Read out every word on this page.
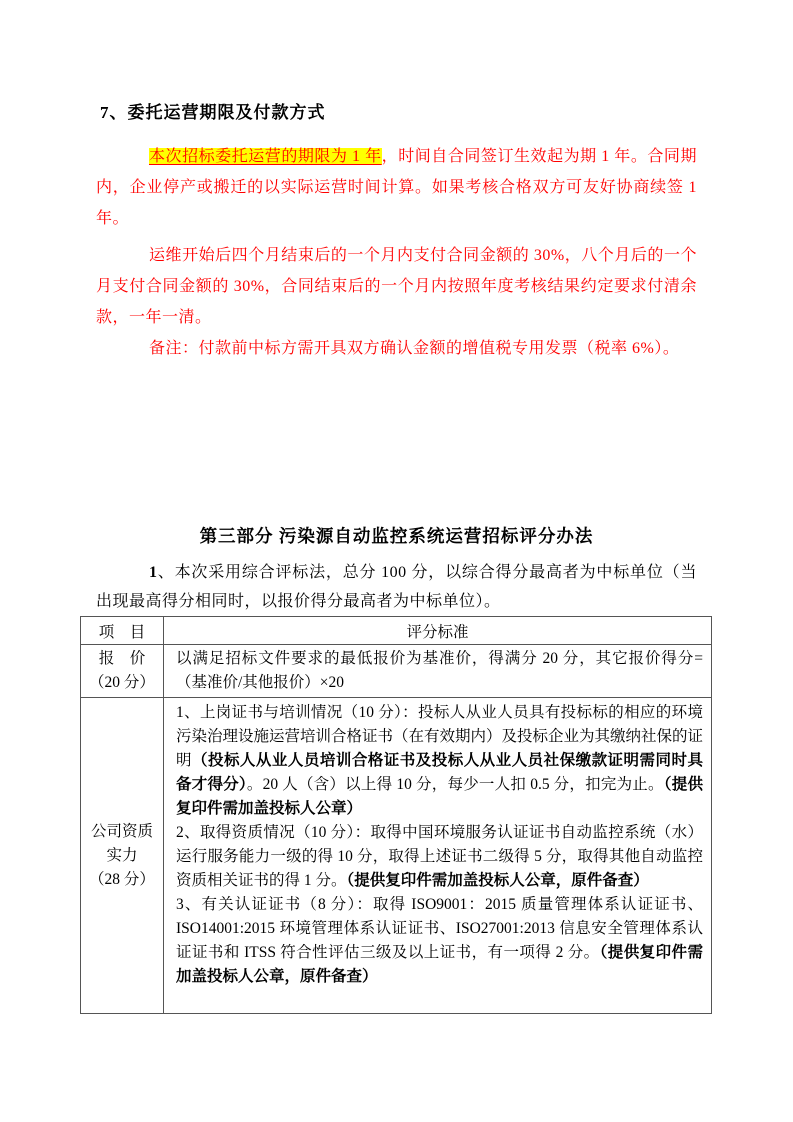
7、委托运营期限及付款方式

本次招标委托运营的期限为 1 年，时间自合同签订生效起为期 1 年。合同期内，企业停产或搬迁的以实际运营时间计算。如果考核合格双方可友好协商续签 1 年。

运维开始后四个月结束后的一个月内支付合同金额的 30%，八个月后的一个月支付合同金额的 30%，合同结束后的一个月内按照年度考核结果约定要求付清余款，一年一清。

备注：付款前中标方需开具双方确认金额的增值税专用发票（税率 6%）。

第三部分 污染源自动监控系统运营招标评分办法

1、本次采用综合评标法，总分 100 分，以综合得分最高者为中标单位（当出现最高得分相同时，以报价得分最高者为中标单位）。

项　目	评分标准

报　价
（20 分）	以满足招标文件要求的最低报价为基准价，得满分 20 分，其它报价得分=（基准价/其他报价）×20

公司资质
实力
（28 分）
	1、上岗证书与培训情况（10 分）：投标人从业人员具有投标标的相应的环境污染治理设施运营培训合格证书（在有效期内）及投标企业为其缴纳社保的证明（投标人从业人员培训合格证书及投标人从业人员社保缴款证明需同时具备才得分）。20 人（含）以上得 10 分，每少一人扣 0.5 分，扣完为止。（提供复印件需加盖投标人公章）
2、取得资质情况（10 分）：取得中国环境服务认证证书自动监控系统（水）运行服务能力一级的得 10 分，取得上述证书二级得 5 分，取得其他自动监控资质相关证书的得 1 分。（提供复印件需加盖投标人公章，原件备查）
3、有关认证证书（8 分）：取得 ISO9001：2015 质量管理体系认证证书、ISO14001:2015 环境管理体系认证证书、ISO27001:2013 信息安全管理体系认证证书和 ITSS 符合性评估三级及以上证书，有一项得 2 分。（提供复印件需加盖投标人公章，原件备查）
